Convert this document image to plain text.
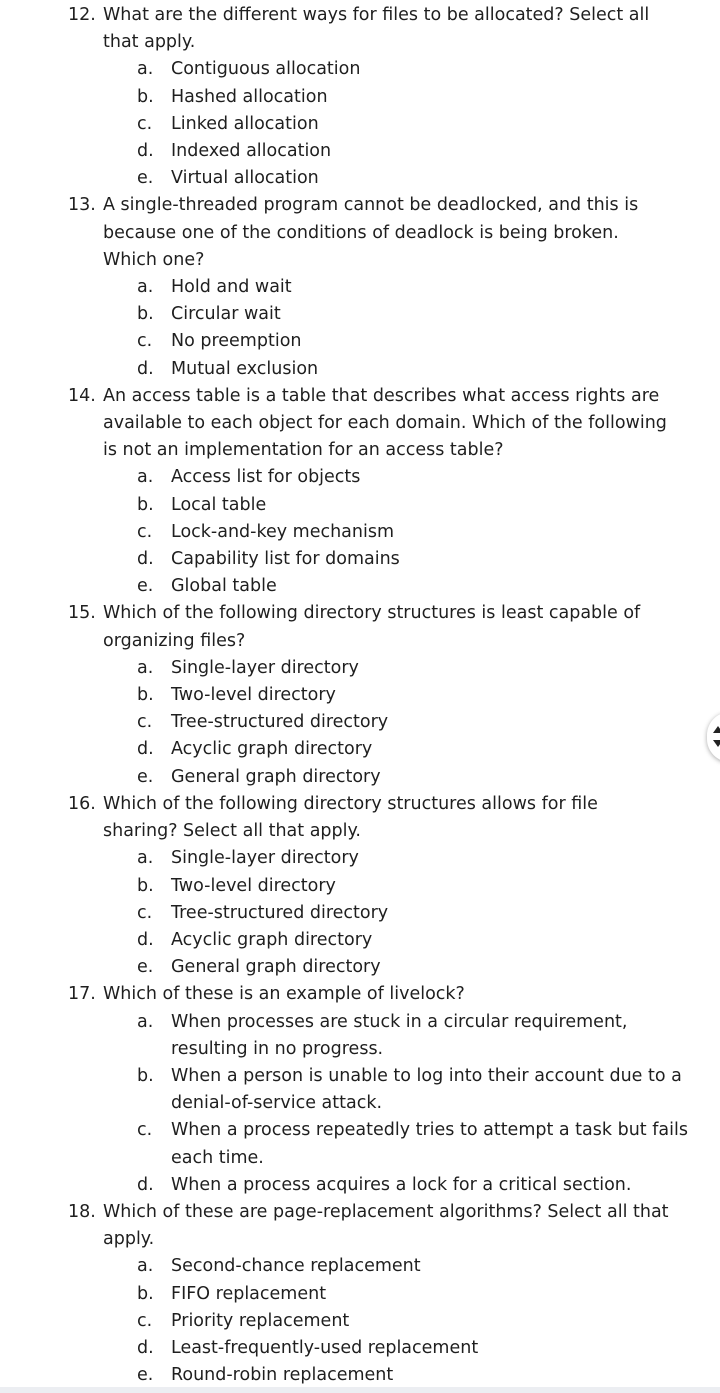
12. What are the different ways for files to be allocated? Select all that apply.
a. Contiguous allocation
b. Hashed allocation
c. Linked allocation
d. Indexed allocation
e. Virtual allocation
13. A single-threaded program cannot be deadlocked, and this is because one of the conditions of deadlock is being broken. Which one?
a. Hold and wait
b. Circular wait
c. No preemption
d. Mutual exclusion
14. An access table is a table that describes what access rights are available to each object for each domain. Which of the following is not an implementation for an access table?
a. Access list for objects
b. Local table
c. Lock-and-key mechanism
d. Capability list for domains
e. Global table
15. Which of the following directory structures is least capable of organizing files?
a. Single-layer directory
b. Two-level directory
c. Tree-structured directory
d. Acyclic graph directory
e. General graph directory
16. Which of the following directory structures allows for file sharing? Select all that apply.
a. Single-layer directory
b. Two-level directory
c. Tree-structured directory
d. Acyclic graph directory
e. General graph directory
17. Which of these is an example of livelock?
a. When processes are stuck in a circular requirement, resulting in no progress.
b. When a person is unable to log into their account due to a denial-of-service attack.
c. When a process repeatedly tries to attempt a task but fails each time.
d. When a process acquires a lock for a critical section.
18. Which of these are page-replacement algorithms? Select all that apply.
a. Second-chance replacement
b. FIFO replacement
c. Priority replacement
d. Least-frequently-used replacement
e. Round-robin replacement
